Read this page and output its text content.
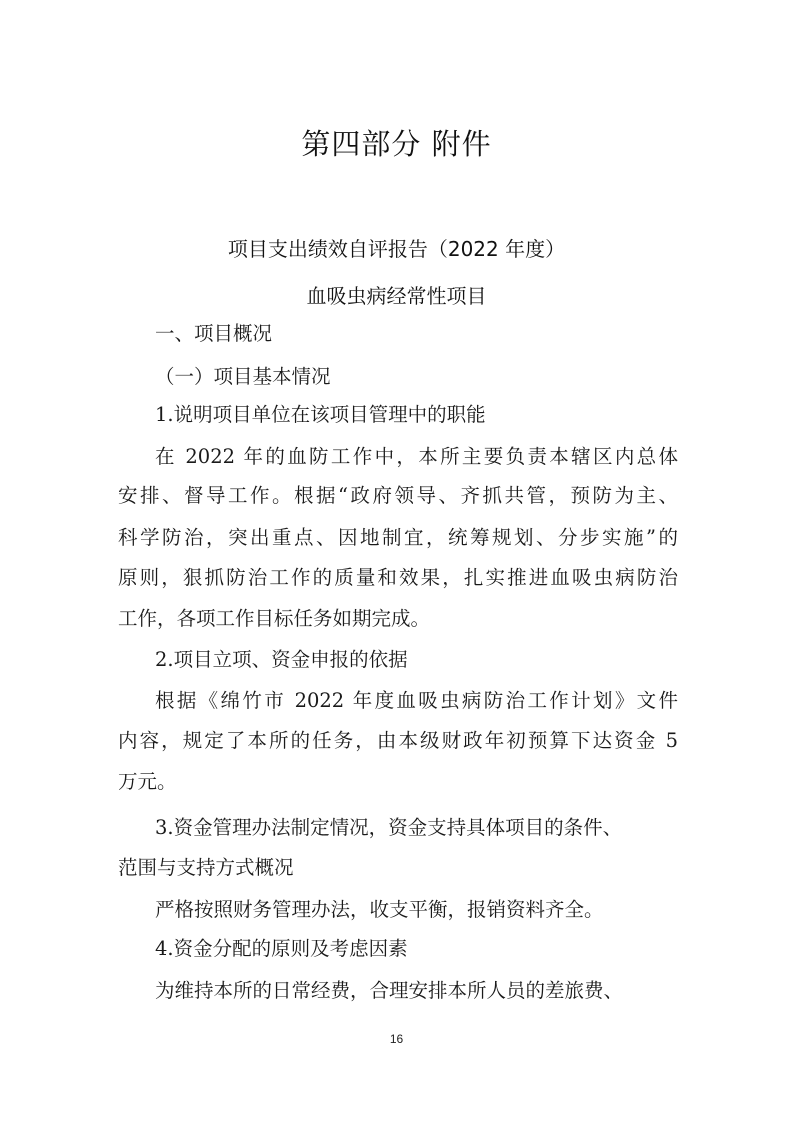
第四部分 附件
项目支出绩效自评报告（2022 年度）
血吸虫病经常性项目
一、项目概况
（一）项目基本情况
1.说明项目单位在该项目管理中的职能
在 2022 年的血防工作中，本所主要负责本辖区内总体
安排、督导工作。根据“政府领导、齐抓共管，预防为主、
科学防治，突出重点、因地制宜，统筹规划、分步实施”的
原则，狠抓防治工作的质量和效果，扎实推进血吸虫病防治
工作，各项工作目标任务如期完成。
2.项目立项、资金申报的依据
根据《绵竹市 2022 年度血吸虫病防治工作计划》文件
内容，规定了本所的任务，由本级财政年初预算下达资金 5
万元。
3.资金管理办法制定情况，资金支持具体项目的条件、
范围与支持方式概况
严格按照财务管理办法，收支平衡，报销资料齐全。
4.资金分配的原则及考虑因素
为维持本所的日常经费，合理安排本所人员的差旅费、
16
